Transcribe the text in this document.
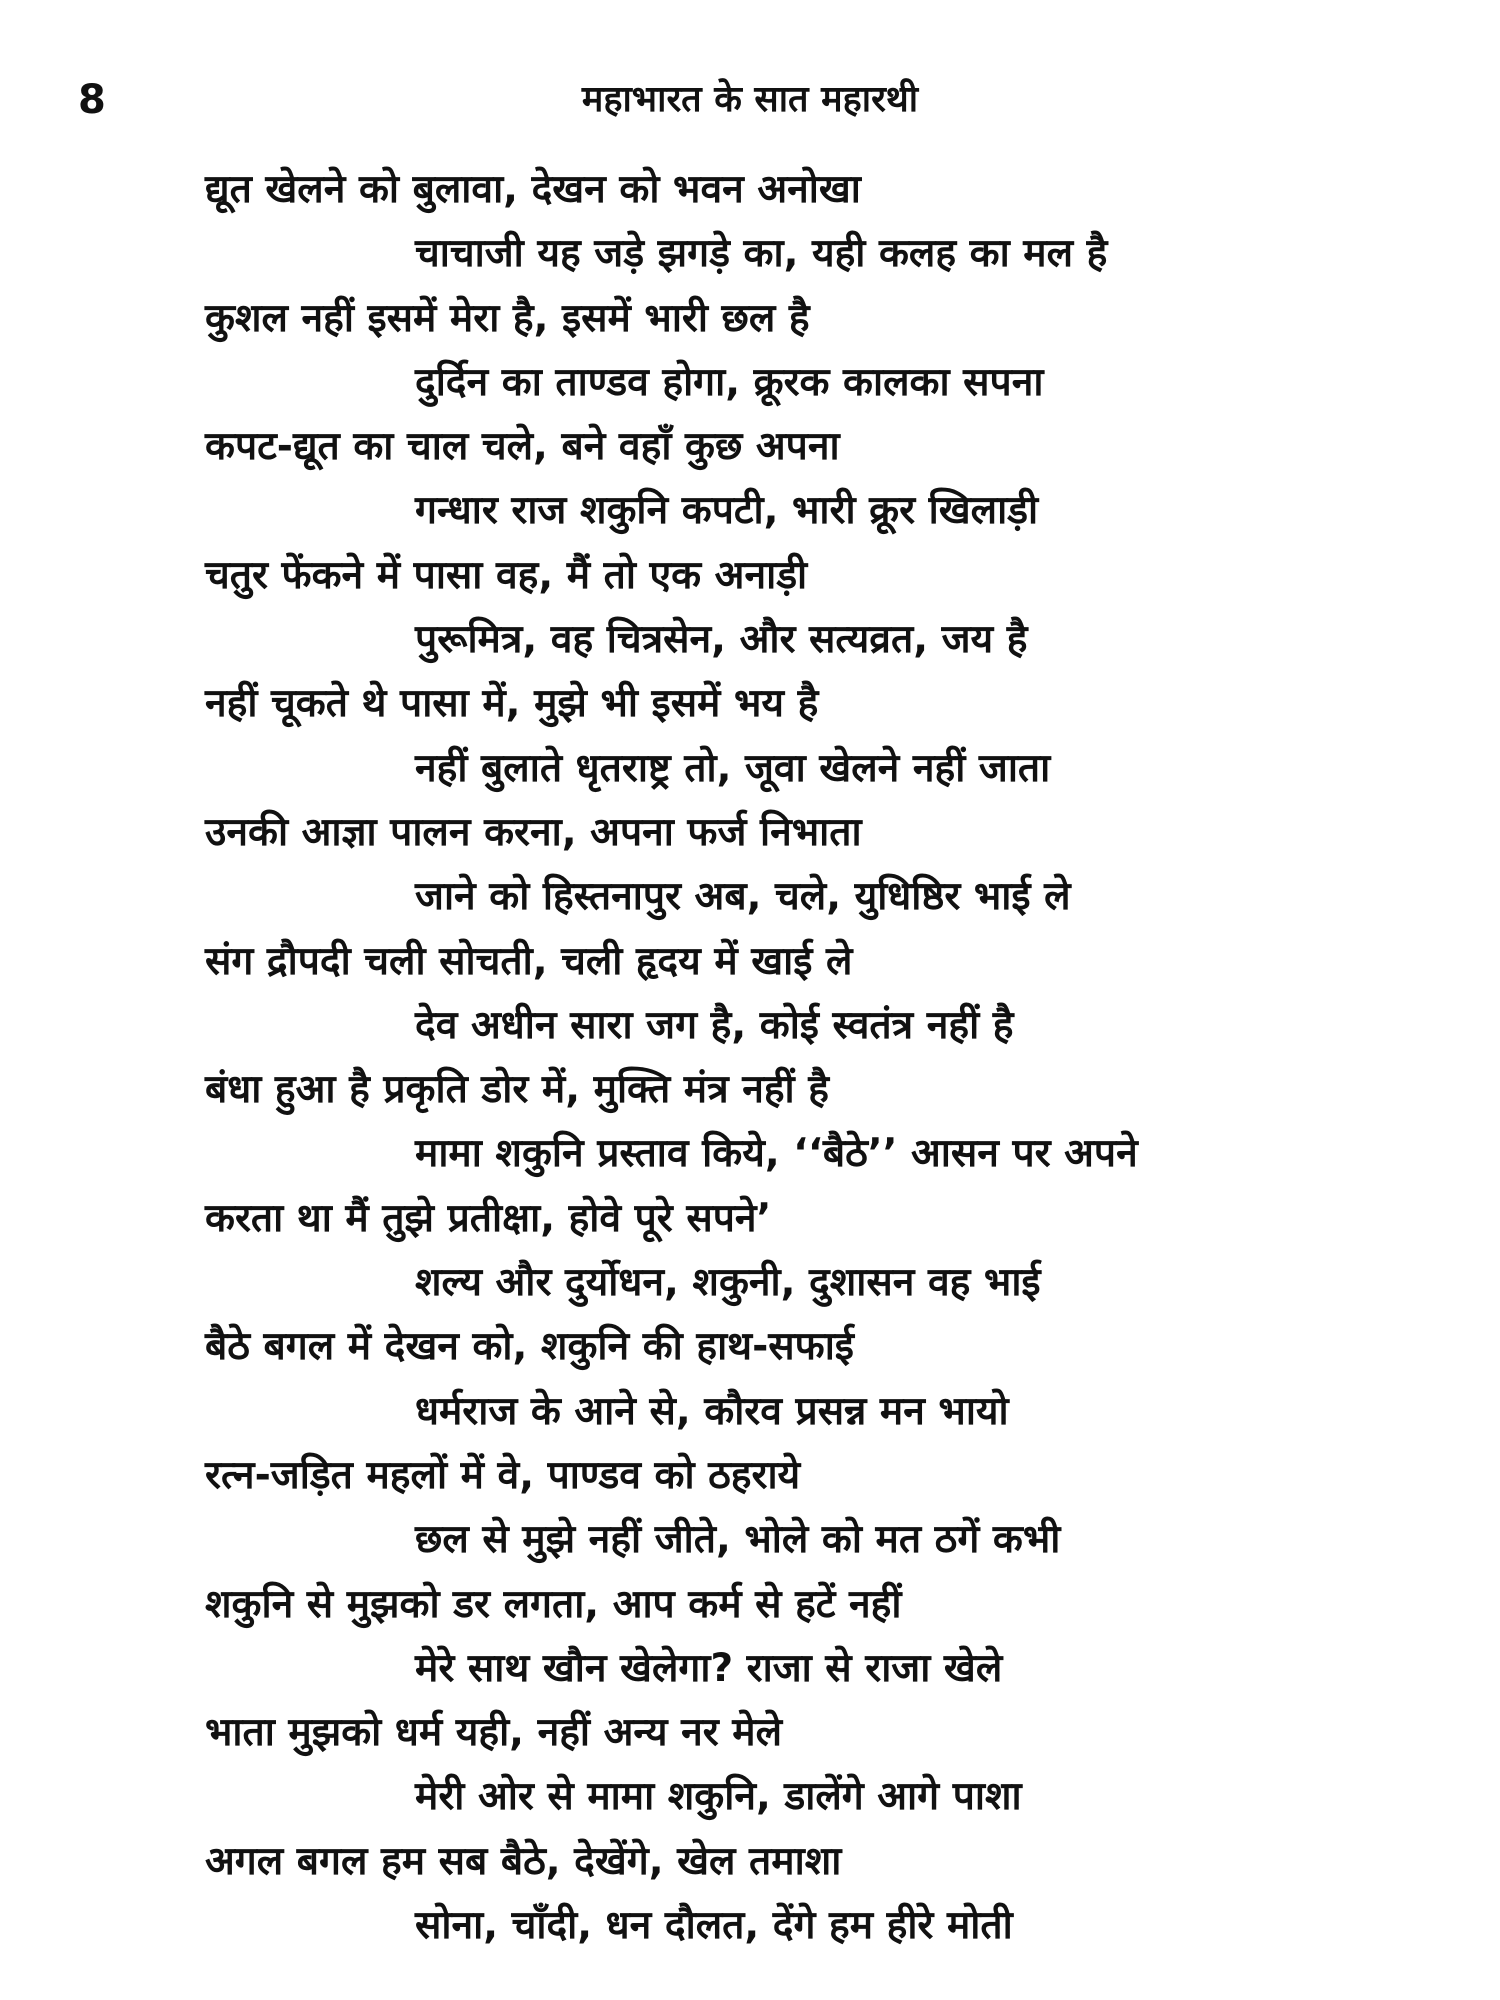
8	महाभारत के सात महारथी
द्यूत खेलने को बुलावा, देखन को भवन अनोखा
चाचाजी यह जड़े झगड़े का, यही कलह का मल है
कुशल नहीं इसमें मेरा है, इसमें भारी छल है
दुर्दिन का ताण्डव होगा, क्रूरक कालका सपना
कपट-द्यूत का चाल चले, बने वहाँ कुछ अपना
गन्धार राज शकुनि कपटी, भारी क्रूर खिलाड़ी
चतुर फेंकने में पासा वह, मैं तो एक अनाड़ी
पुरूमित्र, वह चित्रसेन, और सत्यव्रत, जय है
नहीं चूकते थे पासा में, मुझे भी इसमें भय है
नहीं बुलाते धृतराष्ट्र तो, जूवा खेलने नहीं जाता
उनकी आज्ञा पालन करना, अपना फर्ज निभाता
जाने को हिस्तनापुर अब, चले, युधिष्ठिर भाई ले
संग द्रौपदी चली सोचती, चली हृदय में खाई ले
देव अधीन सारा जग है, कोई स्वतंत्र नहीं है
बंधा हुआ है प्रकृति डोर में, मुक्ति मंत्र नहीं है
मामा शकुनि प्रस्ताव किये, ‘‘बैठे’’ आसन पर अपने
करता था मैं तुझे प्रतीक्षा, होवे पूरे सपने’
शल्य और दुर्योधन, शकुनी, दुशासन वह भाई
बैठे बगल में देखन को, शकुनि की हाथ-सफाई
धर्मराज के आने से, कौरव प्रसन्न मन भायो
रत्न-जड़ित महलों में वे, पाण्डव को ठहराये
छल से मुझे नहीं जीते, भोले को मत ठगें कभी
शकुनि से मुझको डर लगता, आप कर्म से हटें नहीं
मेरे साथ खौन खेलेगा? राजा से राजा खेले
भाता मुझको धर्म यही, नहीं अन्य नर मेले
मेरी ओर से मामा शकुनि, डालेंगे आगे पाशा
अगल बगल हम सब बैठे, देखेंगे, खेल तमाशा
सोना, चाँदी, धन दौलत, देंगे हम हीरे मोती
